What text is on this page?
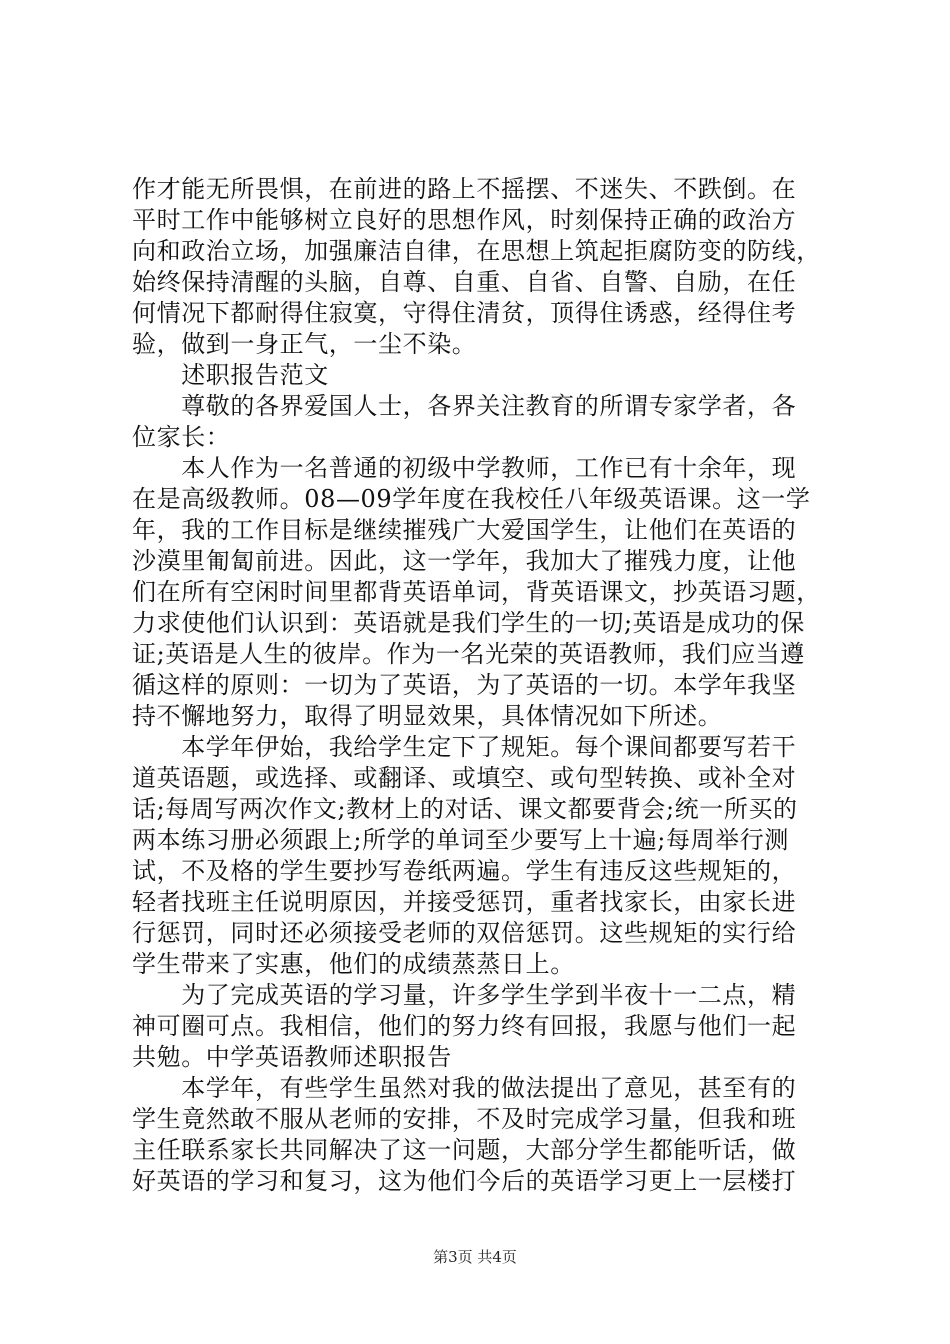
作才能无所畏惧，在前进的路上不摇摆、不迷失、不跌倒。在
平时工作中能够树立良好的思想作风，时刻保持正确的政治方
向和政治立场，加强廉洁自律，在思想上筑起拒腐防变的防线，
始终保持清醒的头脑，自尊、自重、自省、自警、自励，在任
何情况下都耐得住寂寞，守得住清贫，顶得住诱惑，经得住考
验，做到一身正气，一尘不染。
　　述职报告范文
　　尊敬的各界爱国人士，各界关注教育的所谓专家学者，各
位家长：
　　本人作为一名普通的初级中学教师，工作已有十余年，现
在是高级教师。08—09学年度在我校任八年级英语课。这一学
年，我的工作目标是继续摧残广大爱国学生，让他们在英语的
沙漠里匍匐前进。因此，这一学年，我加大了摧残力度，让他
们在所有空闲时间里都背英语单词，背英语课文，抄英语习题，
力求使他们认识到：英语就是我们学生的一切;英语是成功的保
证;英语是人生的彼岸。作为一名光荣的英语教师，我们应当遵
循这样的原则：一切为了英语，为了英语的一切。本学年我坚
持不懈地努力，取得了明显效果，具体情况如下所述。
　　本学年伊始，我给学生定下了规矩。每个课间都要写若干
道英语题，或选择、或翻译、或填空、或句型转换、或补全对
话;每周写两次作文;教材上的对话、课文都要背会;统一所买的
两本练习册必须跟上;所学的单词至少要写上十遍;每周举行测
试，不及格的学生要抄写卷纸两遍。学生有违反这些规矩的，
轻者找班主任说明原因，并接受惩罚，重者找家长，由家长进
行惩罚，同时还必须接受老师的双倍惩罚。这些规矩的实行给
学生带来了实惠，他们的成绩蒸蒸日上。
　　为了完成英语的学习量，许多学生学到半夜十一二点，精
神可圈可点。我相信，他们的努力终有回报，我愿与他们一起
共勉。中学英语教师述职报告
　　本学年，有些学生虽然对我的做法提出了意见，甚至有的
学生竟然敢不服从老师的安排，不及时完成学习量，但我和班
主任联系家长共同解决了这一问题，大部分学生都能听话，做
好英语的学习和复习，这为他们今后的英语学习更上一层楼打
第3页 共4页
